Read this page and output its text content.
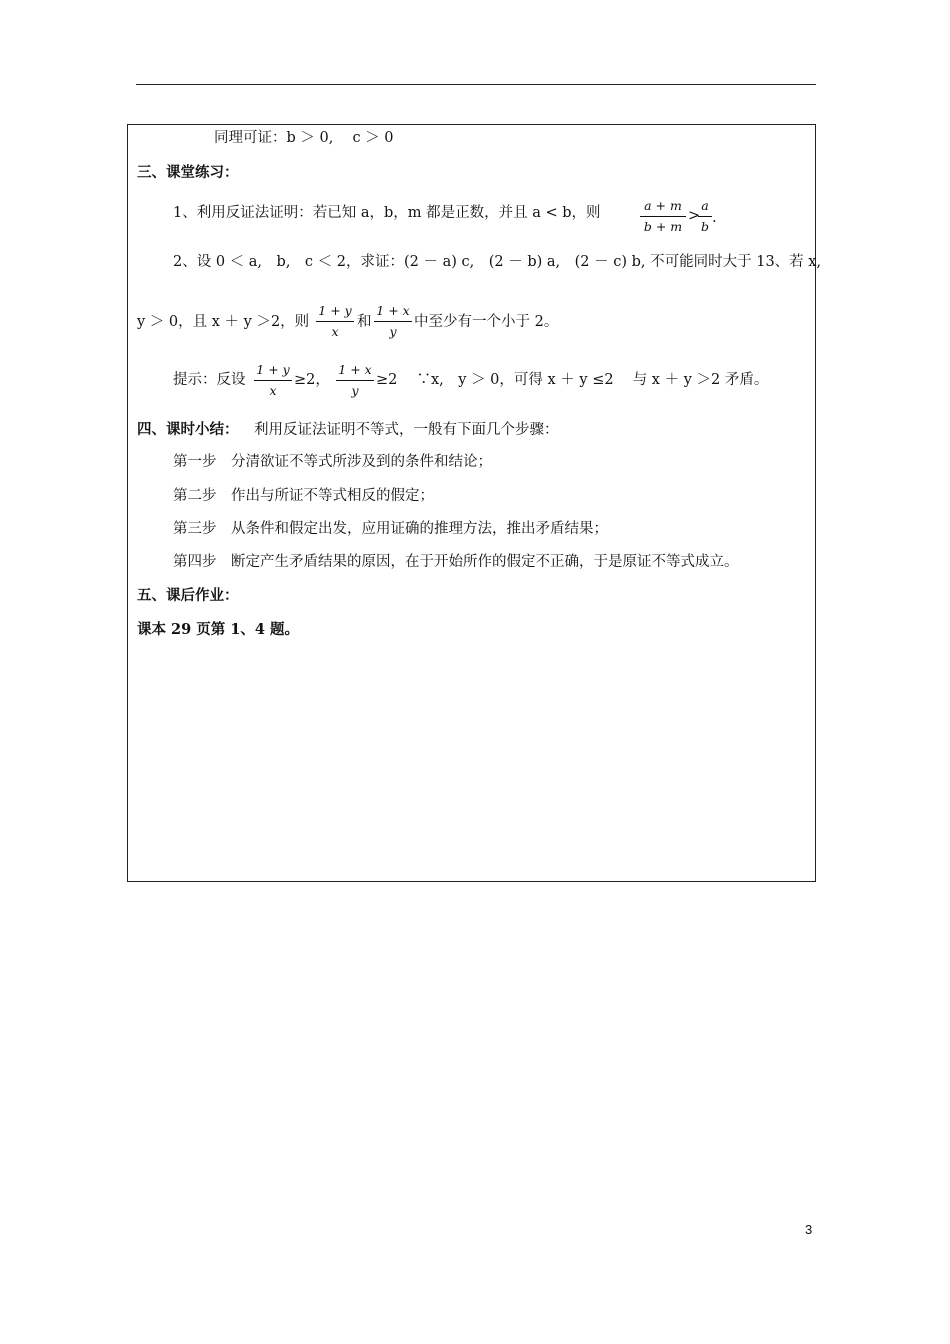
同理可证：b ＞ 0,　 c ＞ 0
三、课堂练习：
1、利用反证法证明：若已知 a，b，m 都是正数，并且 a < b，则	a + m
b + m
>
a
b
.
2、设 0 ＜ a,　b,　c ＜ 2，求证：(2 － a) c,　(2 － b) a,　(2 － c) b, 不可能同时大于 13、若 x,
y ＞ 0，且 x ＋ y ＞2，则
1 + y
x
和
1 + x
y
中至少有一个小于 2。
提示：反设
1 + y
x
≥2，
1 + x
y
≥2　 ∵x,　y ＞ 0，可得 x ＋ y ≤2　 与 x ＋ y ＞2 矛盾。
四、课时小结： 利用反证法证明不等式，一般有下面几个步骤：
第一步　分清欲证不等式所涉及到的条件和结论；
第二步　作出与所证不等式相反的假定；
第三步　从条件和假定出发，应用证确的推理方法，推出矛盾结果；
第四步　断定产生矛盾结果的原因，在于开始所作的假定不正确，于是原证不等式成立。
五、课后作业：
课本 29 页第 1、4 题。
3
